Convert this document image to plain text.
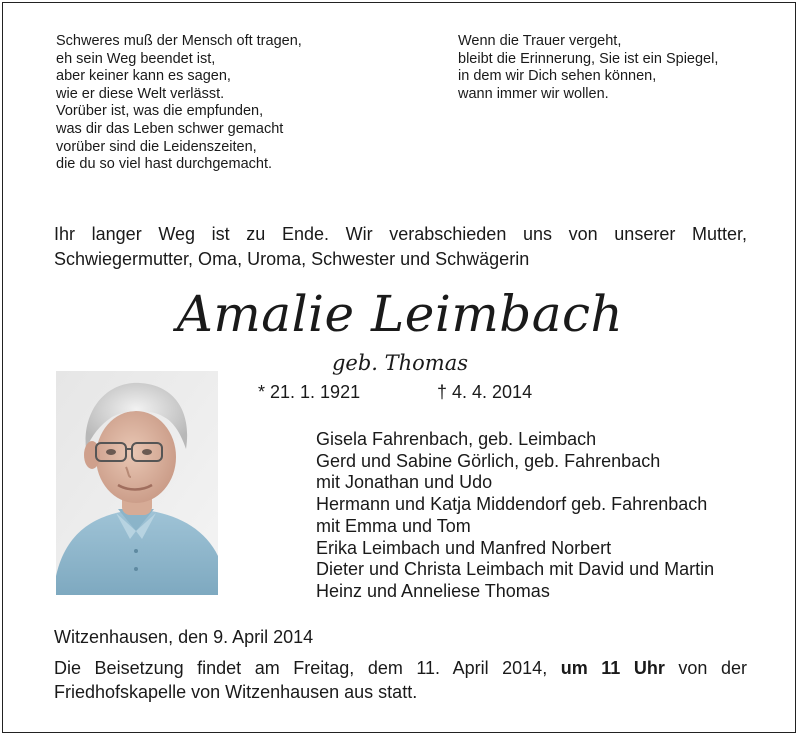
Schweres muß der Mensch oft tragen,
eh sein Weg beendet ist,
aber keiner kann es sagen,
wie er diese Welt verlässt.
Vorüber ist, was die empfunden,
was dir das Leben schwer gemacht
vorüber sind die Leidenszeiten,
die du so viel hast durchgemacht.
Wenn die Trauer vergeht,
bleibt die Erinnerung, Sie ist ein Spiegel,
in dem wir Dich sehen können,
wann immer wir wollen.
Ihr langer Weg ist zu Ende. Wir verabschieden uns von unserer Mutter,
Schwiegermutter, Oma, Uroma, Schwester und Schwägerin
Amalie Leimbach
geb. Thomas
* 21. 1. 1921	† 4. 4. 2014
Gisela Fahrenbach, geb. Leimbach
Gerd und Sabine Görlich, geb. Fahrenbach
mit Jonathan und Udo
Hermann und Katja Middendorf geb. Fahrenbach
mit Emma und Tom
Erika Leimbach und Manfred Norbert
Dieter und Christa Leimbach mit David und Martin
Heinz und Anneliese Thomas
Witzenhausen, den 9. April 2014
Die Beisetzung findet am Freitag, dem 11. April 2014, um 11 Uhr von der
Friedhofskapelle von Witzenhausen aus statt.
